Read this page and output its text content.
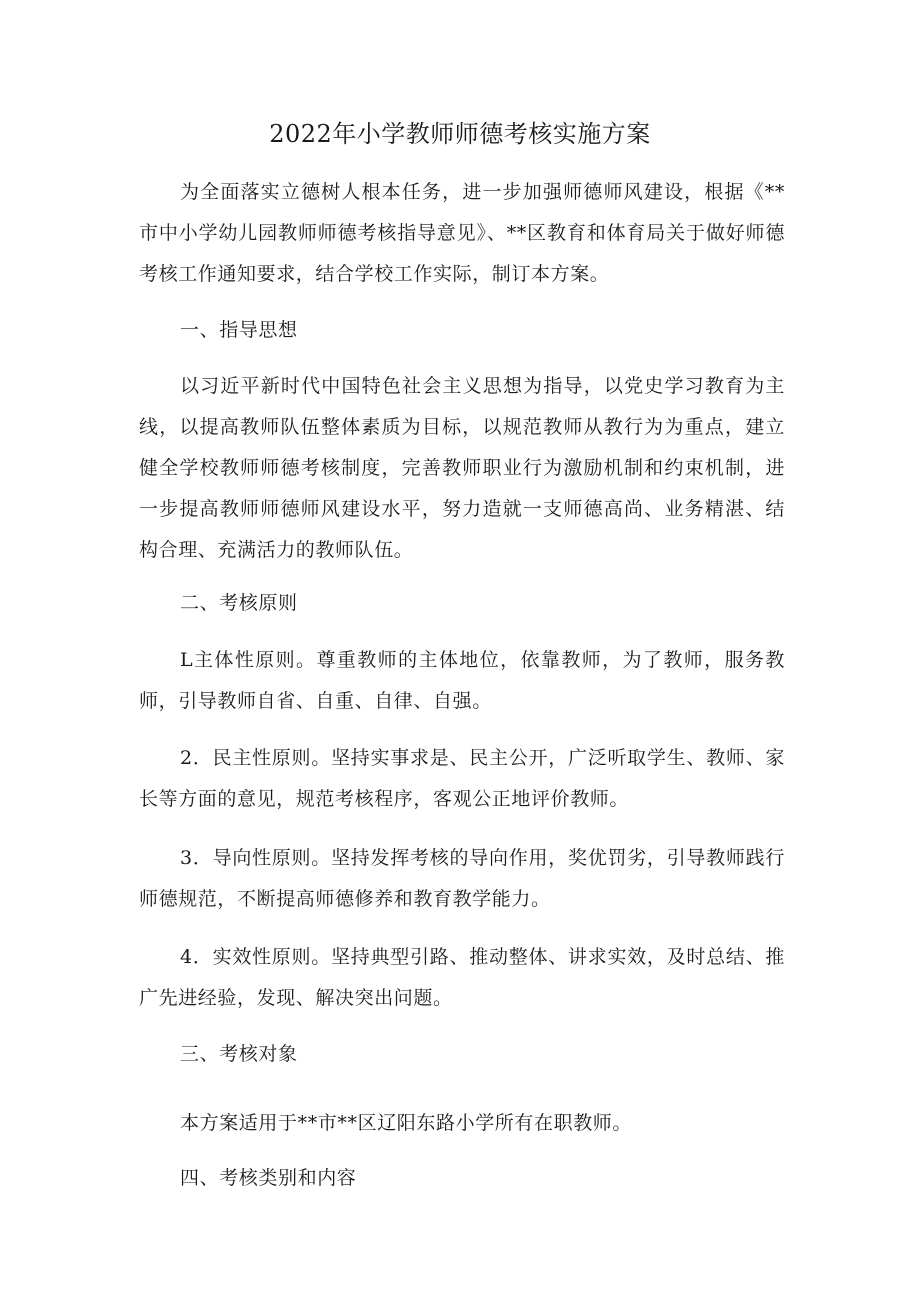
2022年小学教师师德考核实施方案

为全面落实立德树人根本任务，进一步加强师德师风建设，根据《**市中小学幼儿园教师师德考核指导意见》、**区教育和体育局关于做好师德考核工作通知要求，结合学校工作实际，制订本方案。

一、指导思想

以习近平新时代中国特色社会主义思想为指导，以党史学习教育为主线，以提高教师队伍整体素质为目标，以规范教师从教行为为重点，建立健全学校教师师德考核制度，完善教师职业行为激励机制和约束机制，进一步提高教师师德师风建设水平，努力造就一支师德高尚、业务精湛、结构合理、充满活力的教师队伍。

二、考核原则

L主体性原则。尊重教师的主体地位，依靠教师，为了教师，服务教师，引导教师自省、自重、自律、自强。

2．民主性原则。坚持实事求是、民主公开，广泛听取学生、教师、家长等方面的意见，规范考核程序，客观公正地评价教师。

3．导向性原则。坚持发挥考核的导向作用，奖优罚劣，引导教师践行师德规范，不断提高师德修养和教育教学能力。

4．实效性原则。坚持典型引路、推动整体、讲求实效，及时总结、推广先进经验，发现、解决突出问题。

三、考核对象

本方案适用于**市**区辽阳东路小学所有在职教师。

四、考核类别和内容
